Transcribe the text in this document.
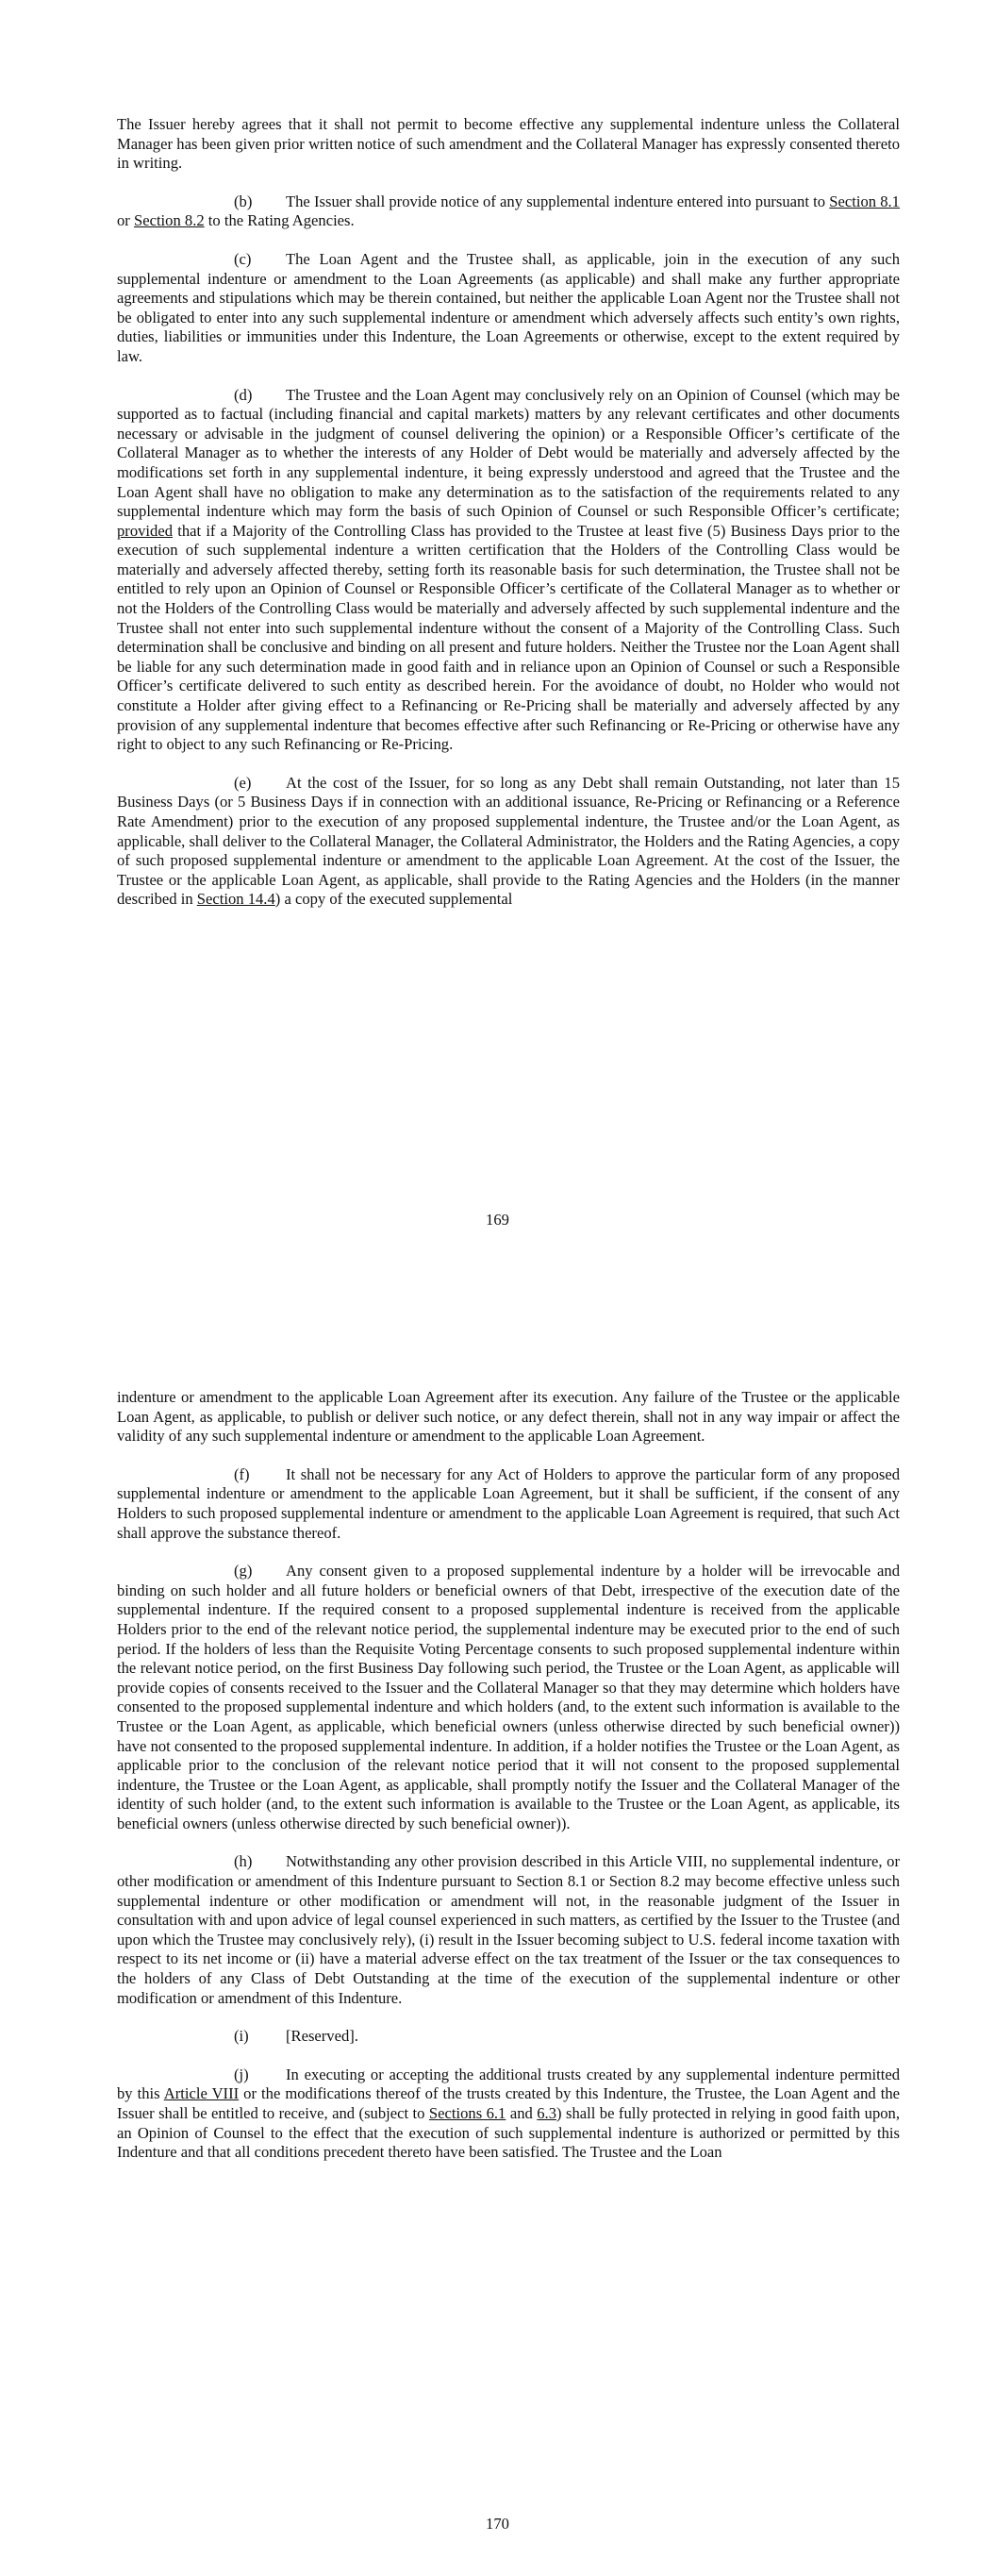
The Issuer hereby agrees that it shall not permit to become effective any supplemental indenture unless the Collateral Manager has been given prior written notice of such amendment and the Collateral Manager has expressly consented thereto in writing.

(b) The Issuer shall provide notice of any supplemental indenture entered into pursuant to Section 8.1 or Section 8.2 to the Rating Agencies.

(c) The Loan Agent and the Trustee shall, as applicable, join in the execution of any such supplemental indenture or amendment to the Loan Agreements (as applicable) and shall make any further appropriate agreements and stipulations which may be therein contained, but neither the applicable Loan Agent nor the Trustee shall not be obligated to enter into any such supplemental indenture or amendment which adversely affects such entity’s own rights, duties, liabilities or immunities under this Indenture, the Loan Agreements or otherwise, except to the extent required by law.

(d) The Trustee and the Loan Agent may conclusively rely on an Opinion of Counsel (which may be supported as to factual (including financial and capital markets) matters by any relevant certificates and other documents necessary or advisable in the judgment of counsel delivering the opinion) or a Responsible Officer’s certificate of the Collateral Manager as to whether the interests of any Holder of Debt would be materially and adversely affected by the modifications set forth in any supplemental indenture, it being expressly understood and agreed that the Trustee and the Loan Agent shall have no obligation to make any determination as to the satisfaction of the requirements related to any supplemental indenture which may form the basis of such Opinion of Counsel or such Responsible Officer’s certificate; provided that if a Majority of the Controlling Class has provided to the Trustee at least five (5) Business Days prior to the execution of such supplemental indenture a written certification that the Holders of the Controlling Class would be materially and adversely affected thereby, setting forth its reasonable basis for such determination, the Trustee shall not be entitled to rely upon an Opinion of Counsel or Responsible Officer’s certificate of the Collateral Manager as to whether or not the Holders of the Controlling Class would be materially and adversely affected by such supplemental indenture and the Trustee shall not enter into such supplemental indenture without the consent of a Majority of the Controlling Class. Such determination shall be conclusive and binding on all present and future holders. Neither the Trustee nor the Loan Agent shall be liable for any such determination made in good faith and in reliance upon an Opinion of Counsel or such a Responsible Officer’s certificate delivered to such entity as described herein. For the avoidance of doubt, no Holder who would not constitute a Holder after giving effect to a Refinancing or Re-Pricing shall be materially and adversely affected by any provision of any supplemental indenture that becomes effective after such Refinancing or Re-Pricing or otherwise have any right to object to any such Refinancing or Re-Pricing.

(e) At the cost of the Issuer, for so long as any Debt shall remain Outstanding, not later than 15 Business Days (or 5 Business Days if in connection with an additional issuance, Re-Pricing or Refinancing or a Reference Rate Amendment) prior to the execution of any proposed supplemental indenture, the Trustee and/or the Loan Agent, as applicable, shall deliver to the Collateral Manager, the Collateral Administrator, the Holders and the Rating Agencies, a copy of such proposed supplemental indenture or amendment to the applicable Loan Agreement. At the cost of the Issuer, the Trustee or the applicable Loan Agent, as applicable, shall provide to the Rating Agencies and the Holders (in the manner described in Section 14.4) a copy of the executed supplemental

169

indenture or amendment to the applicable Loan Agreement after its execution. Any failure of the Trustee or the applicable Loan Agent, as applicable, to publish or deliver such notice, or any defect therein, shall not in any way impair or affect the validity of any such supplemental indenture or amendment to the applicable Loan Agreement.

(f) It shall not be necessary for any Act of Holders to approve the particular form of any proposed supplemental indenture or amendment to the applicable Loan Agreement, but it shall be sufficient, if the consent of any Holders to such proposed supplemental indenture or amendment to the applicable Loan Agreement is required, that such Act shall approve the substance thereof.

(g) Any consent given to a proposed supplemental indenture by a holder will be irrevocable and binding on such holder and all future holders or beneficial owners of that Debt, irrespective of the execution date of the supplemental indenture. If the required consent to a proposed supplemental indenture is received from the applicable Holders prior to the end of the relevant notice period, the supplemental indenture may be executed prior to the end of such period. If the holders of less than the Requisite Voting Percentage consents to such proposed supplemental indenture within the relevant notice period, on the first Business Day following such period, the Trustee or the Loan Agent, as applicable will provide copies of consents received to the Issuer and the Collateral Manager so that they may determine which holders have consented to the proposed supplemental indenture and which holders (and, to the extent such information is available to the Trustee or the Loan Agent, as applicable, which beneficial owners (unless otherwise directed by such beneficial owner)) have not consented to the proposed supplemental indenture. In addition, if a holder notifies the Trustee or the Loan Agent, as applicable prior to the conclusion of the relevant notice period that it will not consent to the proposed supplemental indenture, the Trustee or the Loan Agent, as applicable, shall promptly notify the Issuer and the Collateral Manager of the identity of such holder (and, to the extent such information is available to the Trustee or the Loan Agent, as applicable, its beneficial owners (unless otherwise directed by such beneficial owner)).

(h) Notwithstanding any other provision described in this Article VIII, no supplemental indenture, or other modification or amendment of this Indenture pursuant to Section 8.1 or Section 8.2 may become effective unless such supplemental indenture or other modification or amendment will not, in the reasonable judgment of the Issuer in consultation with and upon advice of legal counsel experienced in such matters, as certified by the Issuer to the Trustee (and upon which the Trustee may conclusively rely), (i) result in the Issuer becoming subject to U.S. federal income taxation with respect to its net income or (ii) have a material adverse effect on the tax treatment of the Issuer or the tax consequences to the holders of any Class of Debt Outstanding at the time of the execution of the supplemental indenture or other modification or amendment of this Indenture.

(i) [Reserved].

(j) In executing or accepting the additional trusts created by any supplemental indenture permitted by this Article VIII or the modifications thereof of the trusts created by this Indenture, the Trustee, the Loan Agent and the Issuer shall be entitled to receive, and (subject to Sections 6.1 and 6.3) shall be fully protected in relying in good faith upon, an Opinion of Counsel to the effect that the execution of such supplemental indenture is authorized or permitted by this Indenture and that all conditions precedent thereto have been satisfied. The Trustee and the Loan

170
